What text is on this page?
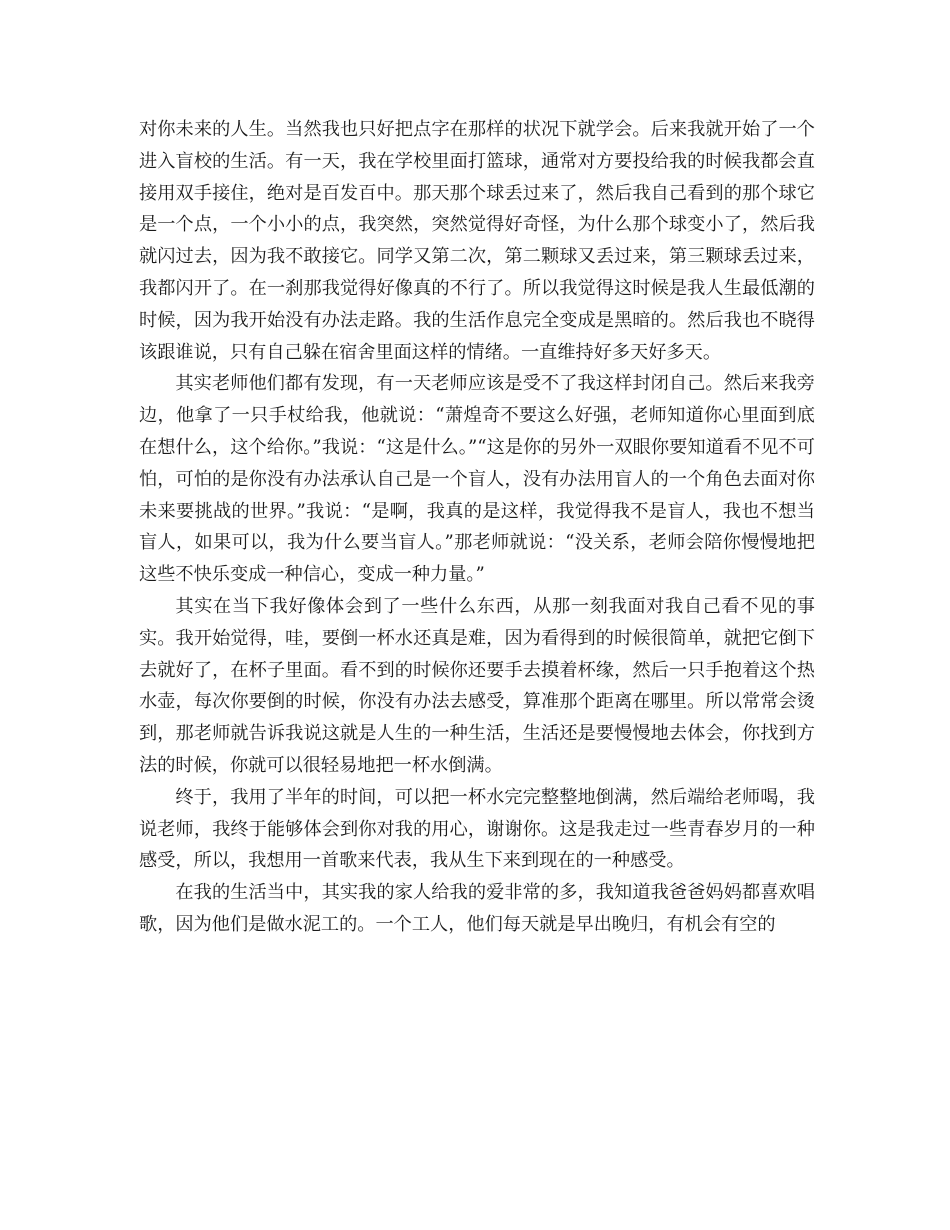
对你未来的人生。当然我也只好把点字在那样的状况下就学会。后来我就开始了一个进入盲校的生活。有一天，我在学校里面打篮球，通常对方要投给我的时候我都会直接用双手接住，绝对是百发百中。那天那个球丢过来了，然后我自己看到的那个球它是一个点，一个小小的点，我突然，突然觉得好奇怪，为什么那个球变小了，然后我就闪过去，因为我不敢接它。同学又第二次，第二颗球又丢过来，第三颗球丢过来，我都闪开了。在一刹那我觉得好像真的不行了。所以我觉得这时候是我人生最低潮的时候，因为我开始没有办法走路。我的生活作息完全变成是黑暗的。然后我也不晓得该跟谁说，只有自己躲在宿舍里面这样的情绪。一直维持好多天好多天。

其实老师他们都有发现，有一天老师应该是受不了我这样封闭自己。然后来我旁边，他拿了一只手杖给我，他就说：“萧煌奇不要这么好强，老师知道你心里面到底在想什么，这个给你。”我说：“这是什么。”“这是你的另外一双眼你要知道看不见不可怕，可怕的是你没有办法承认自己是一个盲人，没有办法用盲人的一个角色去面对你未来要挑战的世界。”我说：“是啊，我真的是这样，我觉得我不是盲人，我也不想当盲人，如果可以，我为什么要当盲人。”那老师就说：“没关系，老师会陪你慢慢地把这些不快乐变成一种信心，变成一种力量。”

其实在当下我好像体会到了一些什么东西，从那一刻我面对我自己看不见的事实。我开始觉得，哇，要倒一杯水还真是难，因为看得到的时候很简单，就把它倒下去就好了，在杯子里面。看不到的时候你还要手去摸着杯缘，然后一只手抱着这个热水壶，每次你要倒的时候，你没有办法去感受，算准那个距离在哪里。所以常常会烫到，那老师就告诉我说这就是人生的一种生活，生活还是要慢慢地去体会，你找到方法的时候，你就可以很轻易地把一杯水倒满。

终于，我用了半年的时间，可以把一杯水完完整整地倒满，然后端给老师喝，我说老师，我终于能够体会到你对我的用心，谢谢你。这是我走过一些青春岁月的一种感受，所以，我想用一首歌来代表，我从生下来到现在的一种感受。

在我的生活当中，其实我的家人给我的爱非常的多，我知道我爸爸妈妈都喜欢唱歌，因为他们是做水泥工的。一个工人，他们每天就是早出晚归，有机会有空的
